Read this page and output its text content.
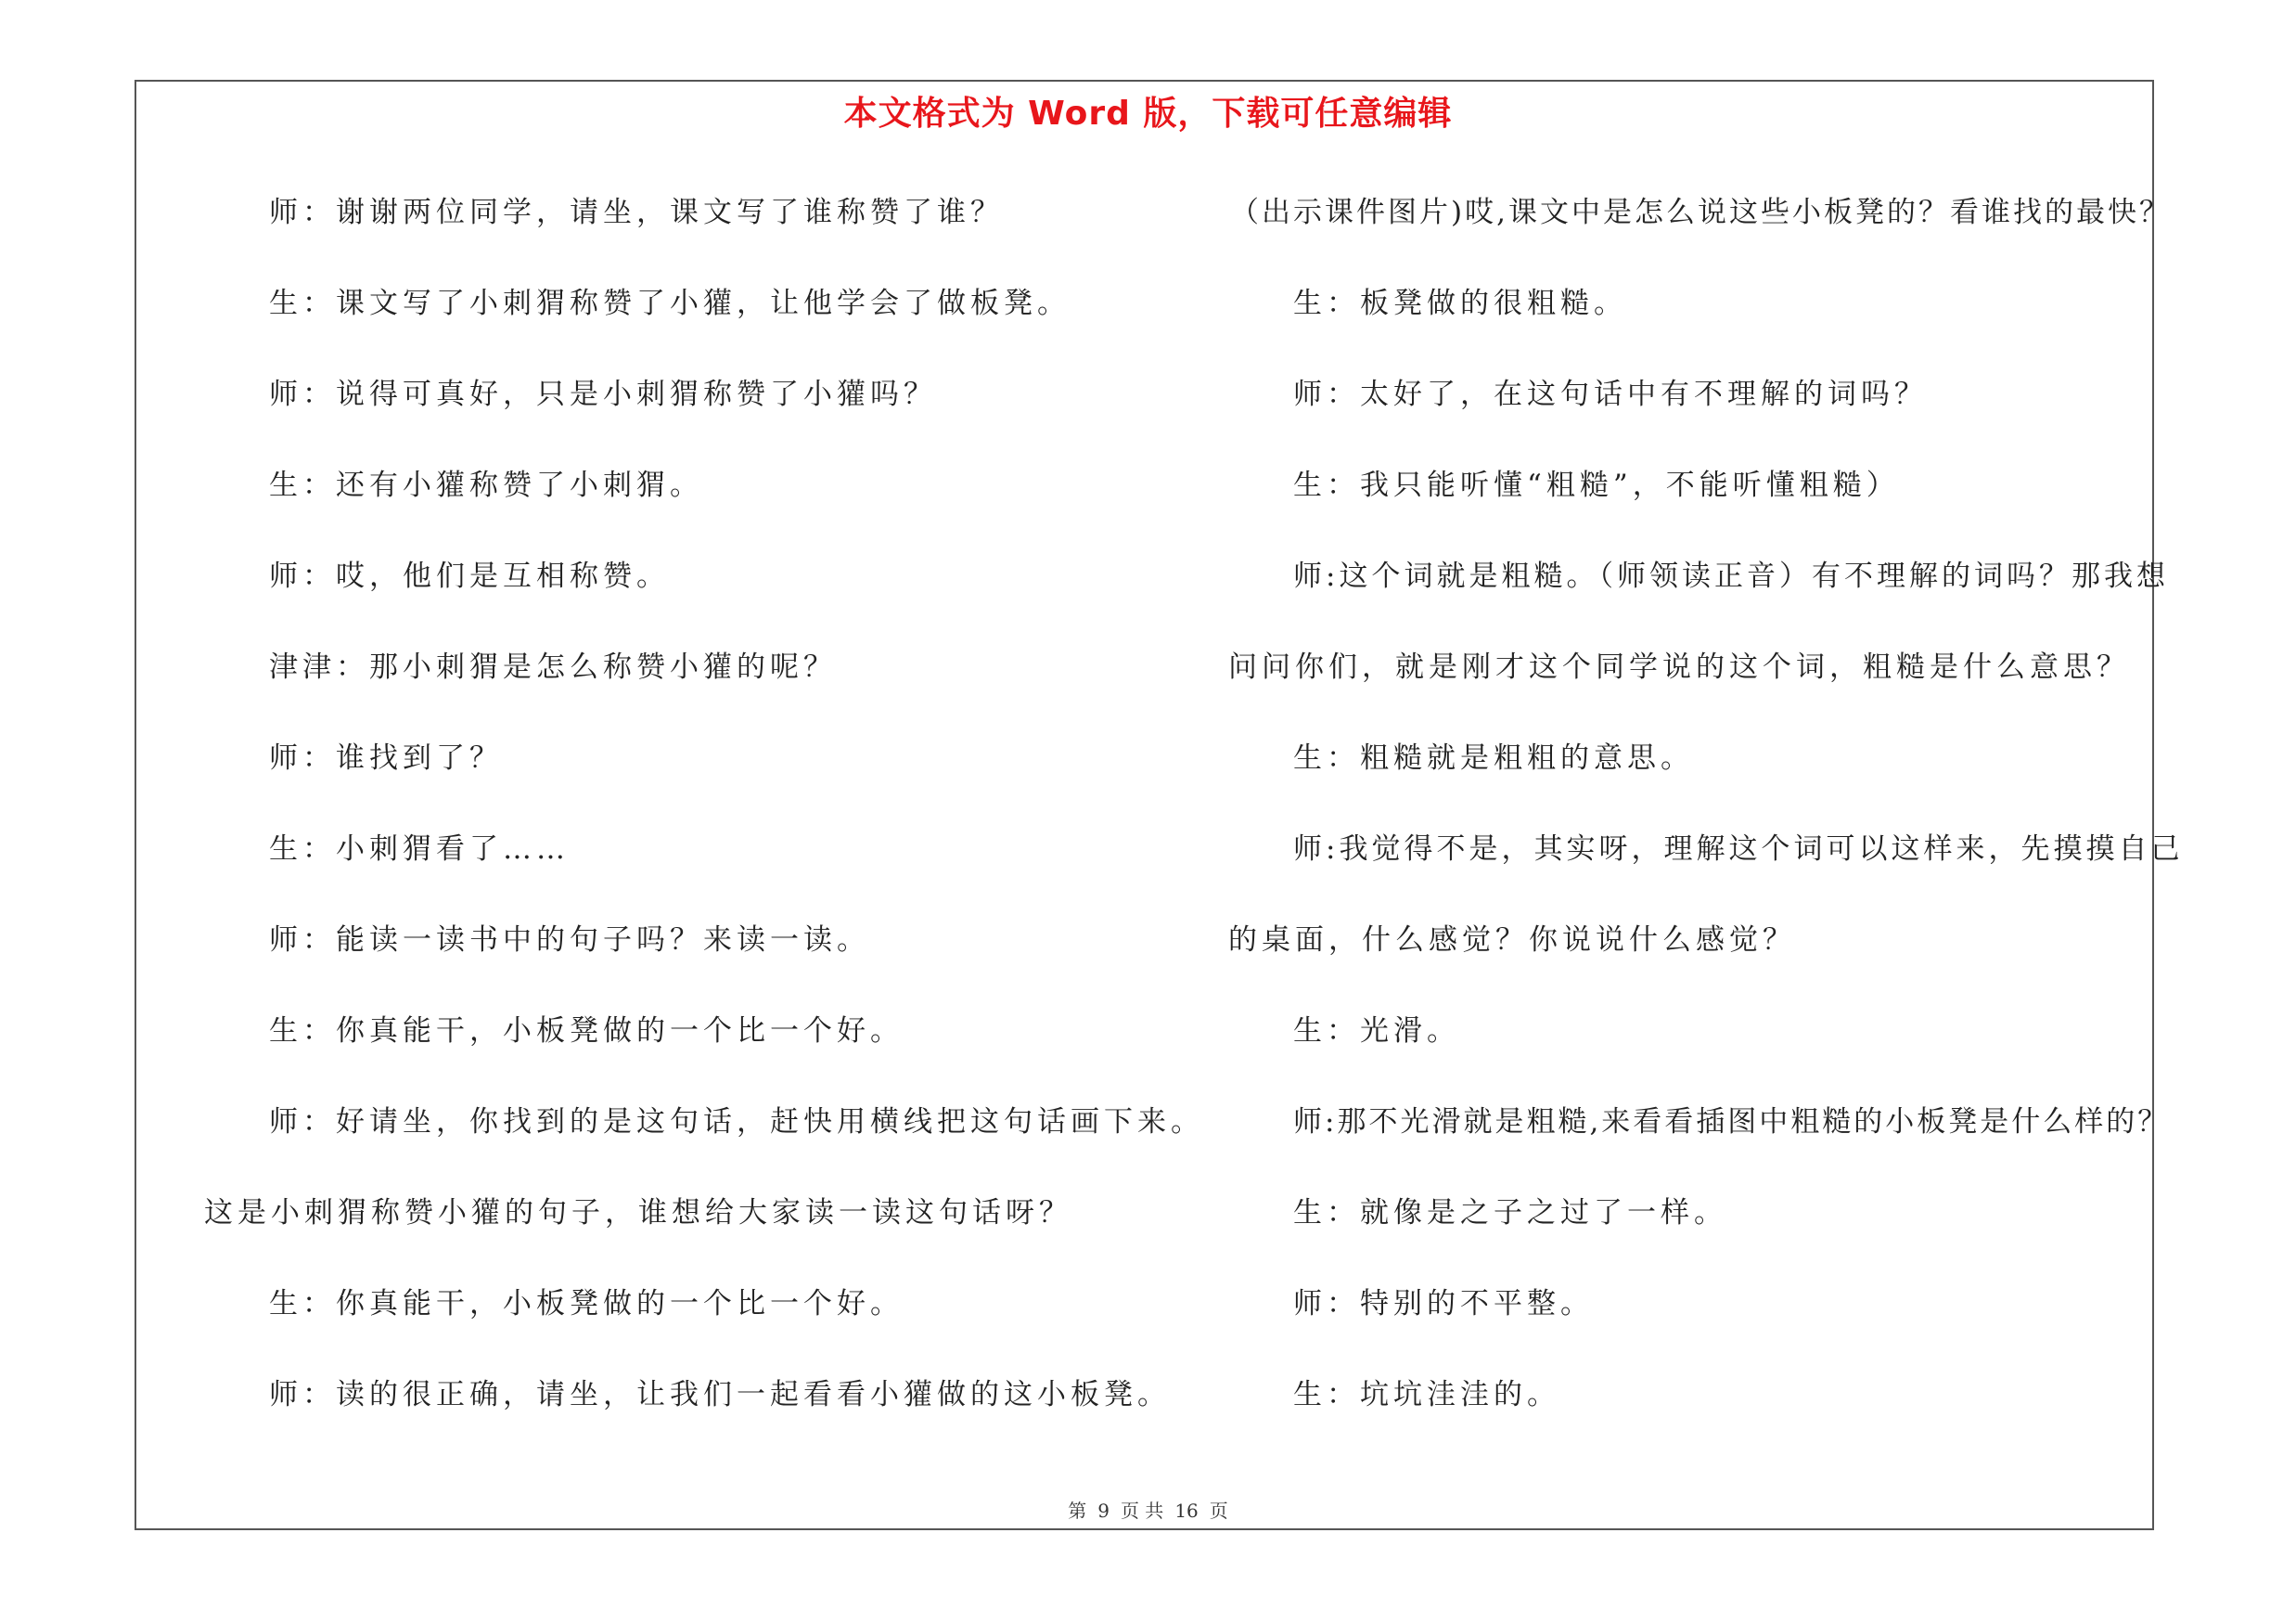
本文格式为 Word 版，下载可任意编辑
师：谢谢两位同学，请坐，课文写了谁称赞了谁？
生：课文写了小刺猬称赞了小獾，让他学会了做板凳。
师：说得可真好，只是小刺猬称赞了小獾吗？
生：还有小獾称赞了小刺猬。
师：哎，他们是互相称赞。
津津：那小刺猬是怎么称赞小獾的呢？
师：谁找到了？
生：小刺猬看了……
师：能读一读书中的句子吗？来读一读。
生：你真能干，小板凳做的一个比一个好。
师：好请坐，你找到的是这句话，赶快用横线把这句话画下来。
这是小刺猬称赞小獾的句子，谁想给大家读一读这句话呀？
生：你真能干，小板凳做的一个比一个好。
师：读的很正确，请坐，让我们一起看看小獾做的这小板凳。
（出示课件图片)哎,课文中是怎么说这些小板凳的？看谁找的最快？
生：板凳做的很粗糙。
师：太好了，在这句话中有不理解的词吗？
生：我只能听懂“粗糙”，不能听懂粗糙）
师:这个词就是粗糙。（师领读正音）有不理解的词吗？那我想
问问你们，就是刚才这个同学说的这个词，粗糙是什么意思？
生：粗糙就是粗粗的意思。
师:我觉得不是，其实呀，理解这个词可以这样来，先摸摸自己
的桌面，什么感觉？你说说什么感觉？
生：光滑。
师:那不光滑就是粗糙,来看看插图中粗糙的小板凳是什么样的？
生：就像是之子之过了一样。
师：特别的不平整。
生：坑坑洼洼的。
第 9 页 共 16 页
